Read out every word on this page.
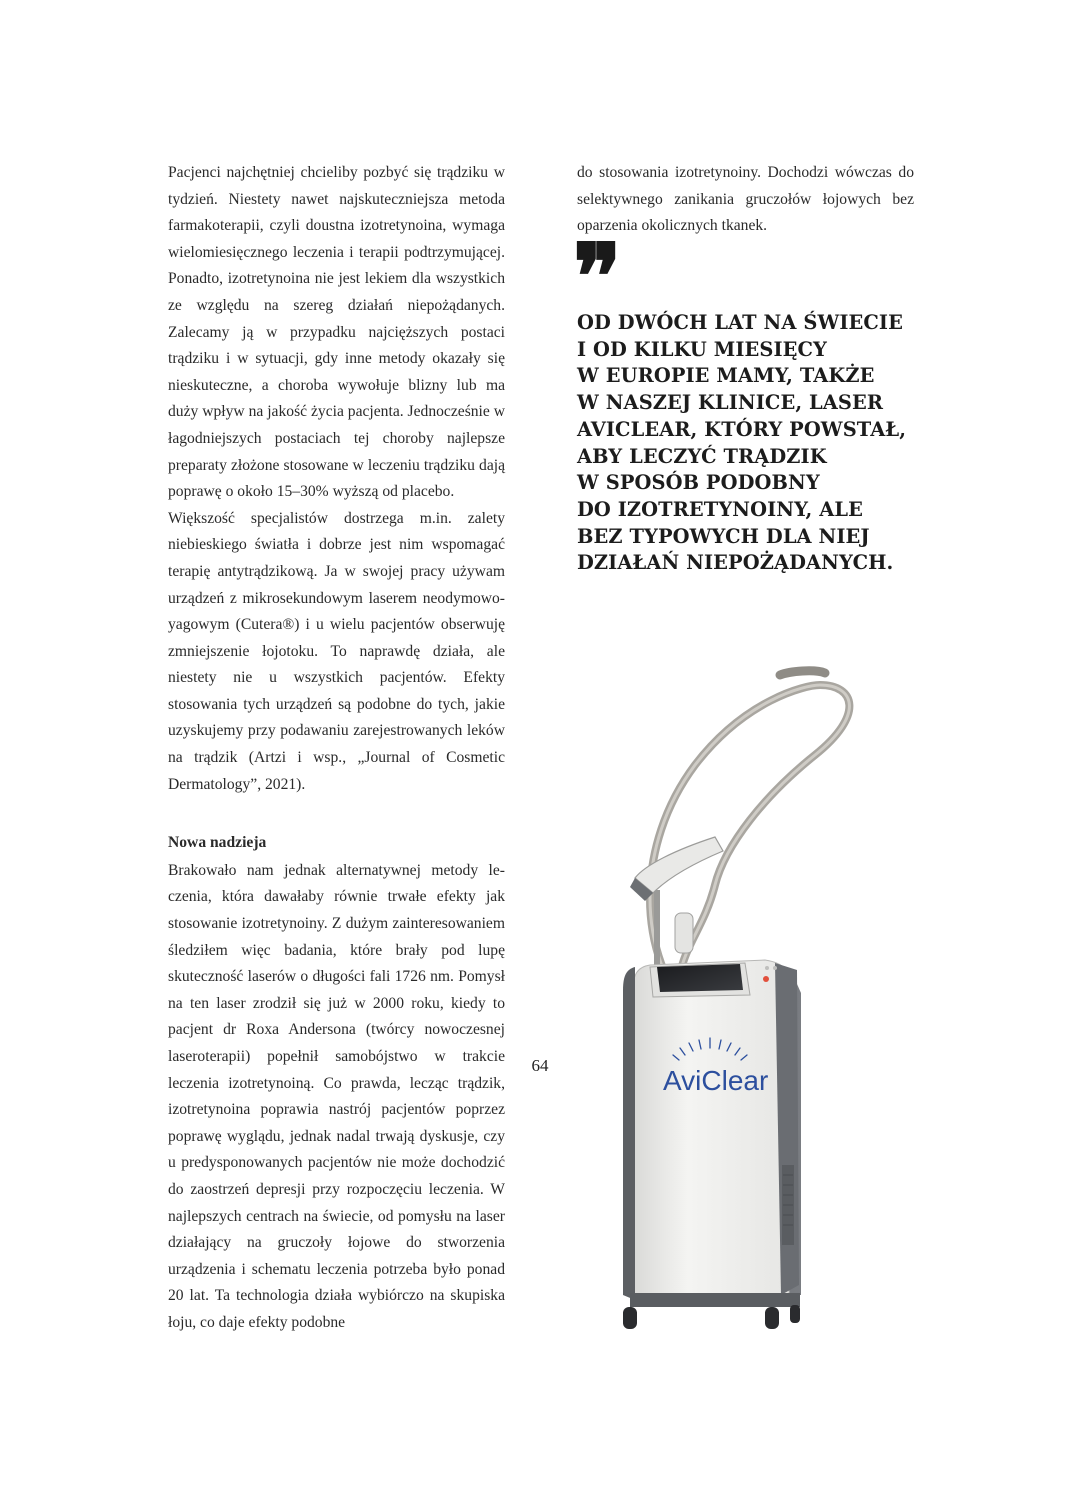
Pacjenci najchętniej chcieliby pozbyć się trądziku w tydzień. Niestety nawet najskuteczniejsza metoda farmakoterapii, czyli doustna izotretynoina, wymaga wielomiesięcznego leczenia i terapii podtrzymującej. Ponadto, izotretynoina nie jest lekiem dla wszystkich ze względu na szereg działań niepożądanych. Zalecamy ją w przypadku najcięższych postaci trądziku i w sytuacji, gdy inne metody okazały się nieskuteczne, a choroba wywołuje blizny lub ma duży wpływ na jakość życia pacjenta. Jednocześnie w łagodniejszych postaciach tej choroby najlepsze preparaty złożone stosowane w leczeniu trądziku dają poprawę o około 15–30% wyższą od placebo.

Większość specjalistów dostrzega m.in. zalety niebieskiego światła i dobrze jest nim wspomagać terapię antytrądzikową. Ja w swojej pracy używam urządzeń z mikrosekundowym laserem neodymowo-yagowym (Cutera®) i u wielu pacjentów obserwuję zmniejszenie łojotoku. To naprawdę działa, ale niestety nie u wszystkich pacjentów. Efekty stosowania tych urządzeń są podobne do tych, jakie uzyskujemy przy podawaniu zarejestrowanych leków na trądzik (Artzi i wsp., „Journal of Cosmetic Dermatology”, 2021).

Nowa nadzieja

Brakowało nam jednak alternatywnej metody leczenia, która dawałaby równie trwałe efekty jak stosowanie izotretynoiny. Z dużym zainteresowaniem śledziłem więc badania, które brały pod lupę skuteczność laserów o długości fali 1726 nm. Pomysł na ten laser zrodził się już w 2000 roku, kiedy to pacjent dr Roxa Andersona (twórcy nowoczesnej laseroterapii) popełnił samobójstwo w trakcie leczenia izotretynoiną. Co prawda, lecząc trądzik, izotretynoina poprawia nastrój pacjentów poprzez poprawę wyglądu, jednak nadal trwają dyskusje, czy u predysponowanych pacjentów nie może dochodzić do zaostrzeń depresji przy rozpoczęciu leczenia. W najlepszych centrach na świecie, od pomysłu na laser działający na gruczoły łojowe do stworzenia urządzenia i schematu leczenia potrzeba było ponad 20 lat. Ta technologia działa wybiórczo na skupiska łoju, co daje efekty podobne

do stosowania izotretynoiny. Dochodzi wówczas do selektywnego zanikania gruczołów łojowych bez oparzenia okolicznych tkanek.

❞
OD DWÓCH LAT NA ŚWIECIE
I OD KILKU MIESIĘCY
W EUROPIE MAMY, TAKŻE
W NASZEJ KLINICE, LASER
AVICLEAR, KTÓRY POWSTAŁ,
ABY LECZYĆ TRĄDZIK
W SPOSÓB PODOBNY
DO IZOTRETYNOINY, ALE
BEZ TYPOWYCH DLA NIEJ
DZIAŁAŃ NIEPOŻĄDANYCH.
AviClear
64
